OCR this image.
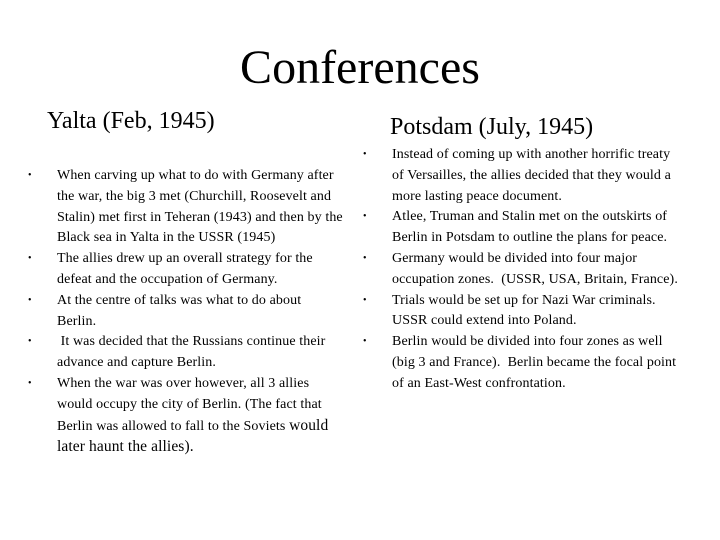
Conferences
Yalta (Feb, 1945)	Potsdam (July, 1945)
• When carving up what to do with Germany after the war, the big 3 met (Churchill, Roosevelt and Stalin) met first in Teheran (1943) and then by the Black sea in Yalta in the USSR (1945)
• The allies drew up an overall strategy for the defeat and the occupation of Germany.
• At the centre of talks was what to do about Berlin.
• It was decided that the Russians continue their advance and capture Berlin.
• When the war was over however, all 3 allies would occupy the city of Berlin. (The fact that Berlin was allowed to fall to the Soviets would later haunt the allies).
• Instead of coming up with another horrific treaty of Versailles, the allies decided that they would a more lasting peace document.
• Atlee, Truman and Stalin met on the outskirts of Berlin in Potsdam to outline the plans for peace.
• Germany would be divided into four major occupation zones.  (USSR, USA, Britain, France).
• Trials would be set up for Nazi War criminals.  USSR could extend into Poland.
• Berlin would be divided into four zones as well (big 3 and France).  Berlin became the focal point of an East-West confrontation.
